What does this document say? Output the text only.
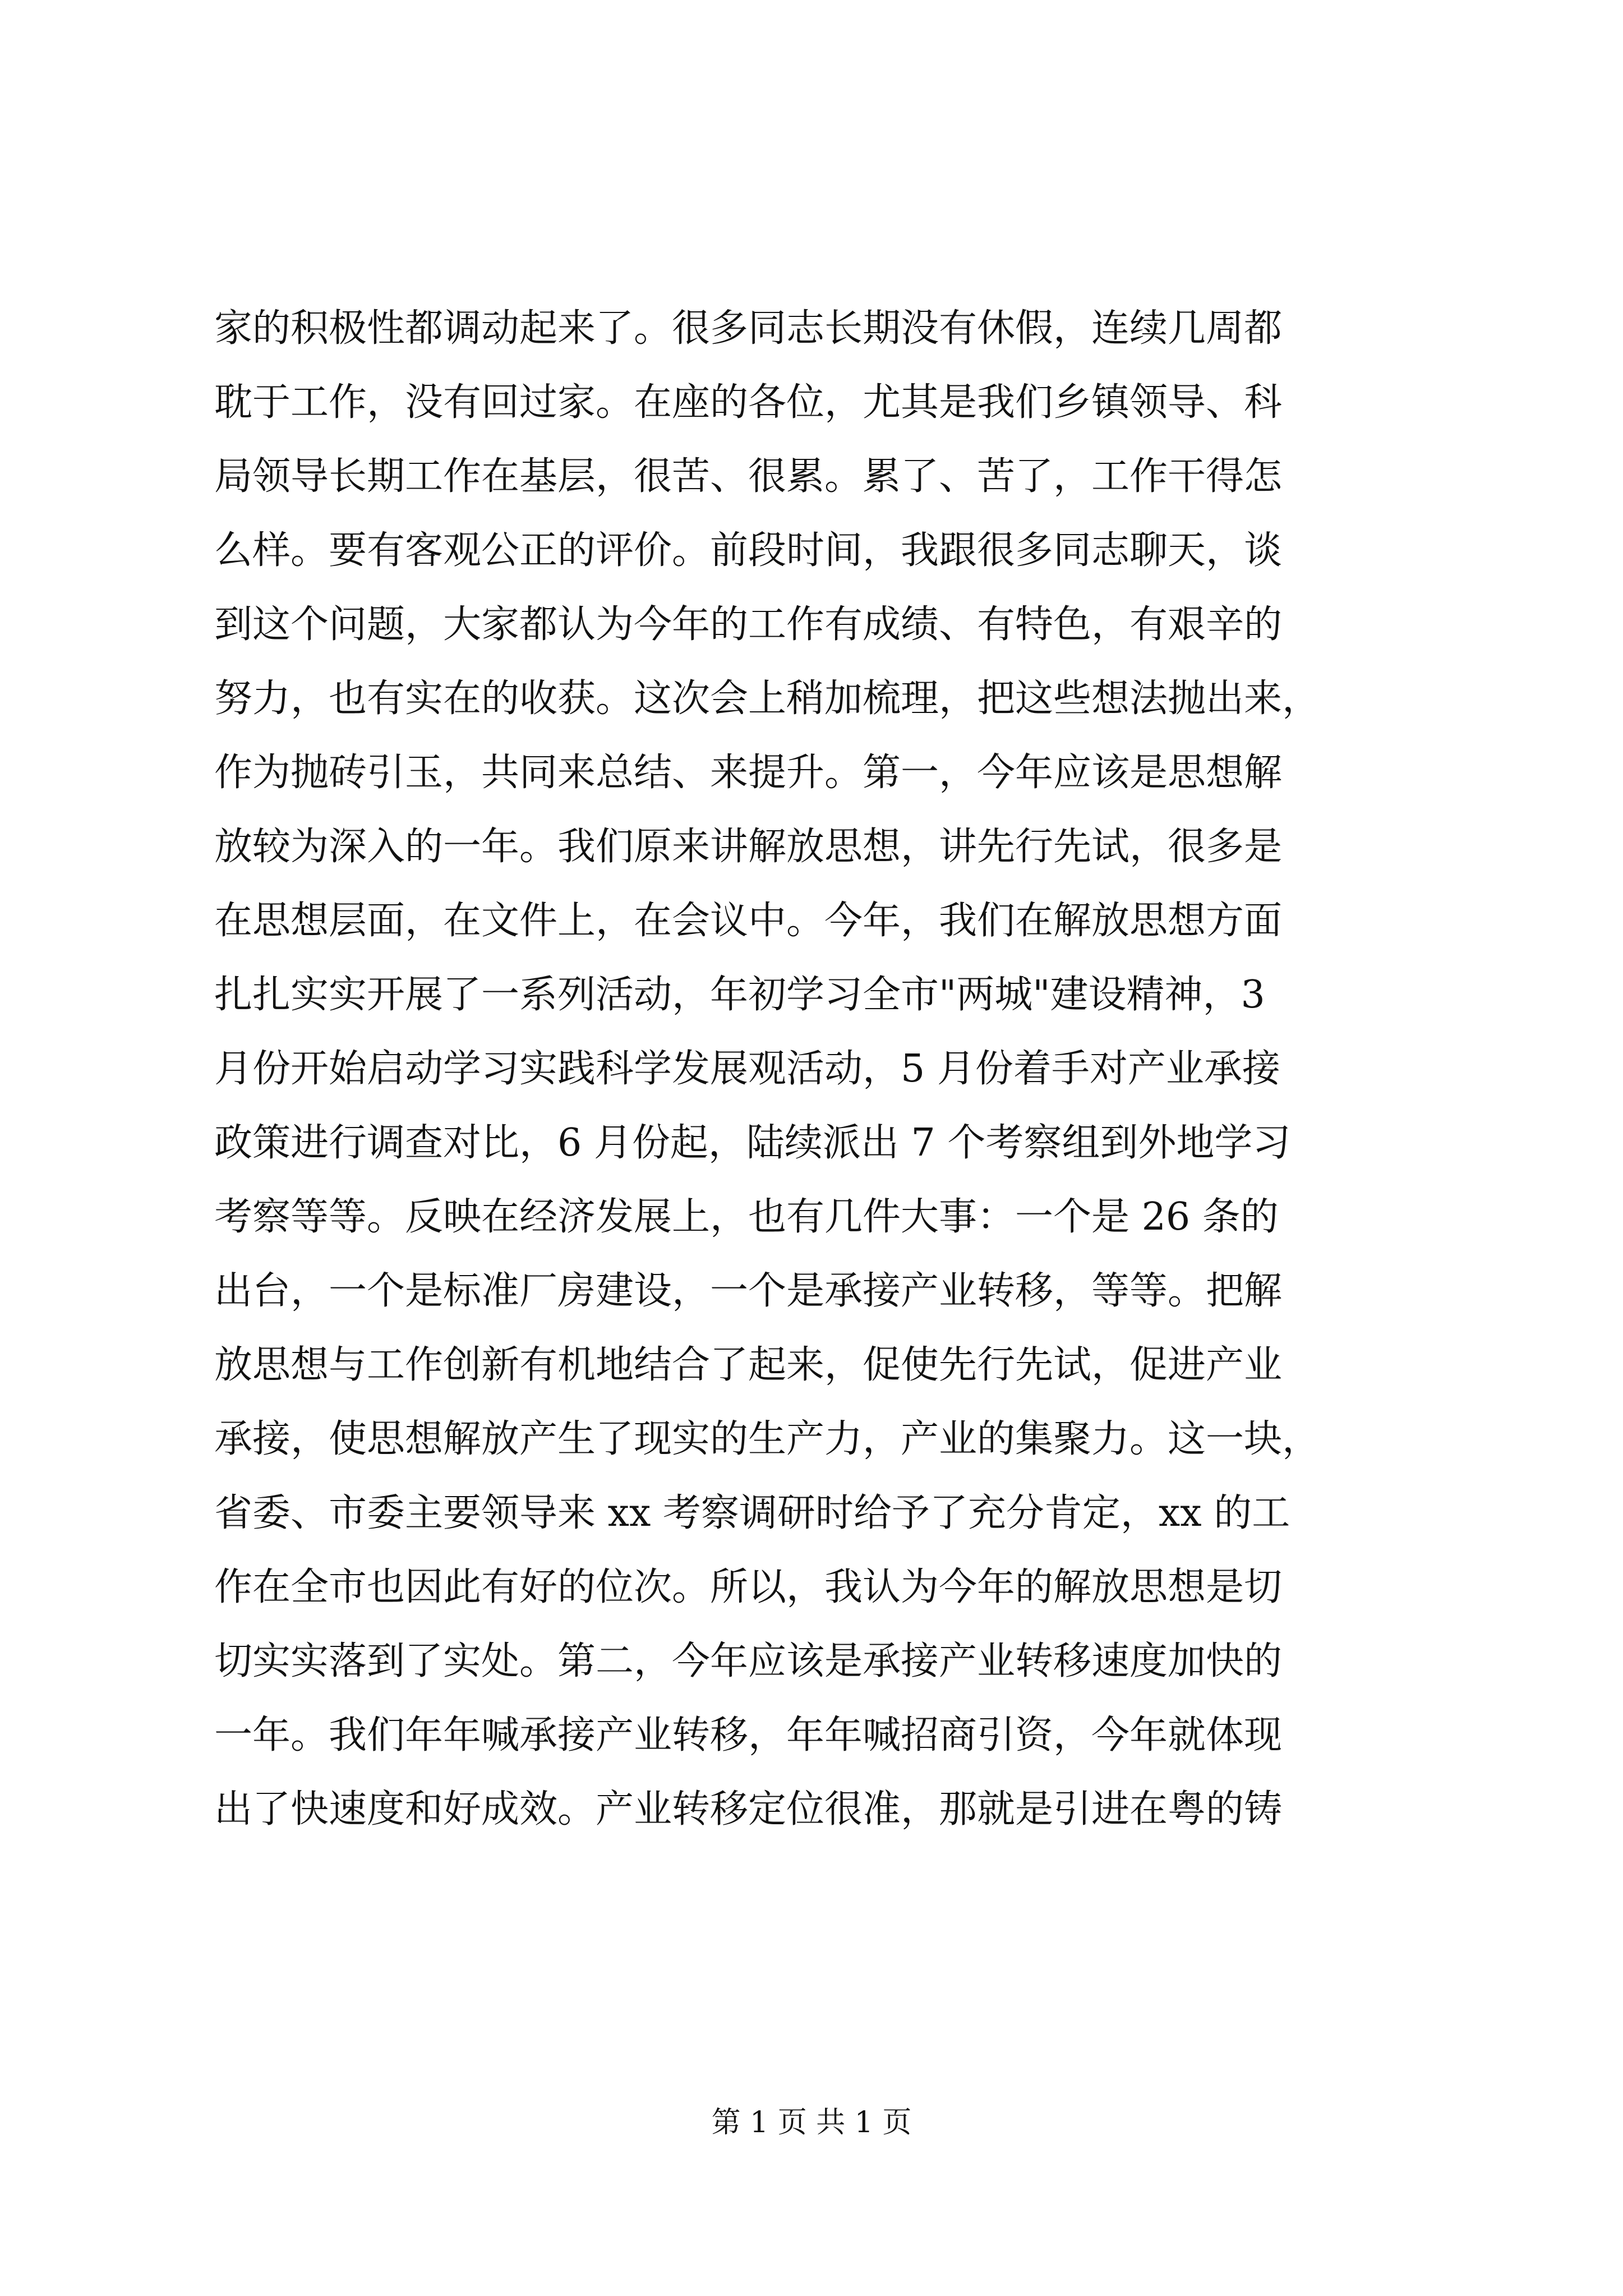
家的积极性都调动起来了。很多同志长期没有休假，连续几周都
耽于工作，没有回过家。在座的各位，尤其是我们乡镇领导、科
局领导长期工作在基层，很苦、很累。累了、苦了，工作干得怎
么样。要有客观公正的评价。前段时间，我跟很多同志聊天，谈
到这个问题，大家都认为今年的工作有成绩、有特色，有艰辛的
努力，也有实在的收获。这次会上稍加梳理，把这些想法抛出来，
作为抛砖引玉，共同来总结、来提升。第一，今年应该是思想解
放较为深入的一年。我们原来讲解放思想，讲先行先试，很多是
在思想层面，在文件上，在会议中。今年，我们在解放思想方面
扎扎实实开展了一系列活动，年初学习全市"两城"建设精神，3
月份开始启动学习实践科学发展观活动，5 月份着手对产业承接
政策进行调查对比，6 月份起，陆续派出 7 个考察组到外地学习
考察等等。反映在经济发展上，也有几件大事：一个是 26 条的
出台，一个是标准厂房建设，一个是承接产业转移，等等。把解
放思想与工作创新有机地结合了起来，促使先行先试，促进产业
承接，使思想解放产生了现实的生产力，产业的集聚力。这一块，
省委、市委主要领导来 xx 考察调研时给予了充分肯定，xx 的工
作在全市也因此有好的位次。所以，我认为今年的解放思想是切
切实实落到了实处。第二，今年应该是承接产业转移速度加快的
一年。我们年年喊承接产业转移，年年喊招商引资，今年就体现
出了快速度和好成效。产业转移定位很准，那就是引进在粤的铸
第 1 页 共 1 页
